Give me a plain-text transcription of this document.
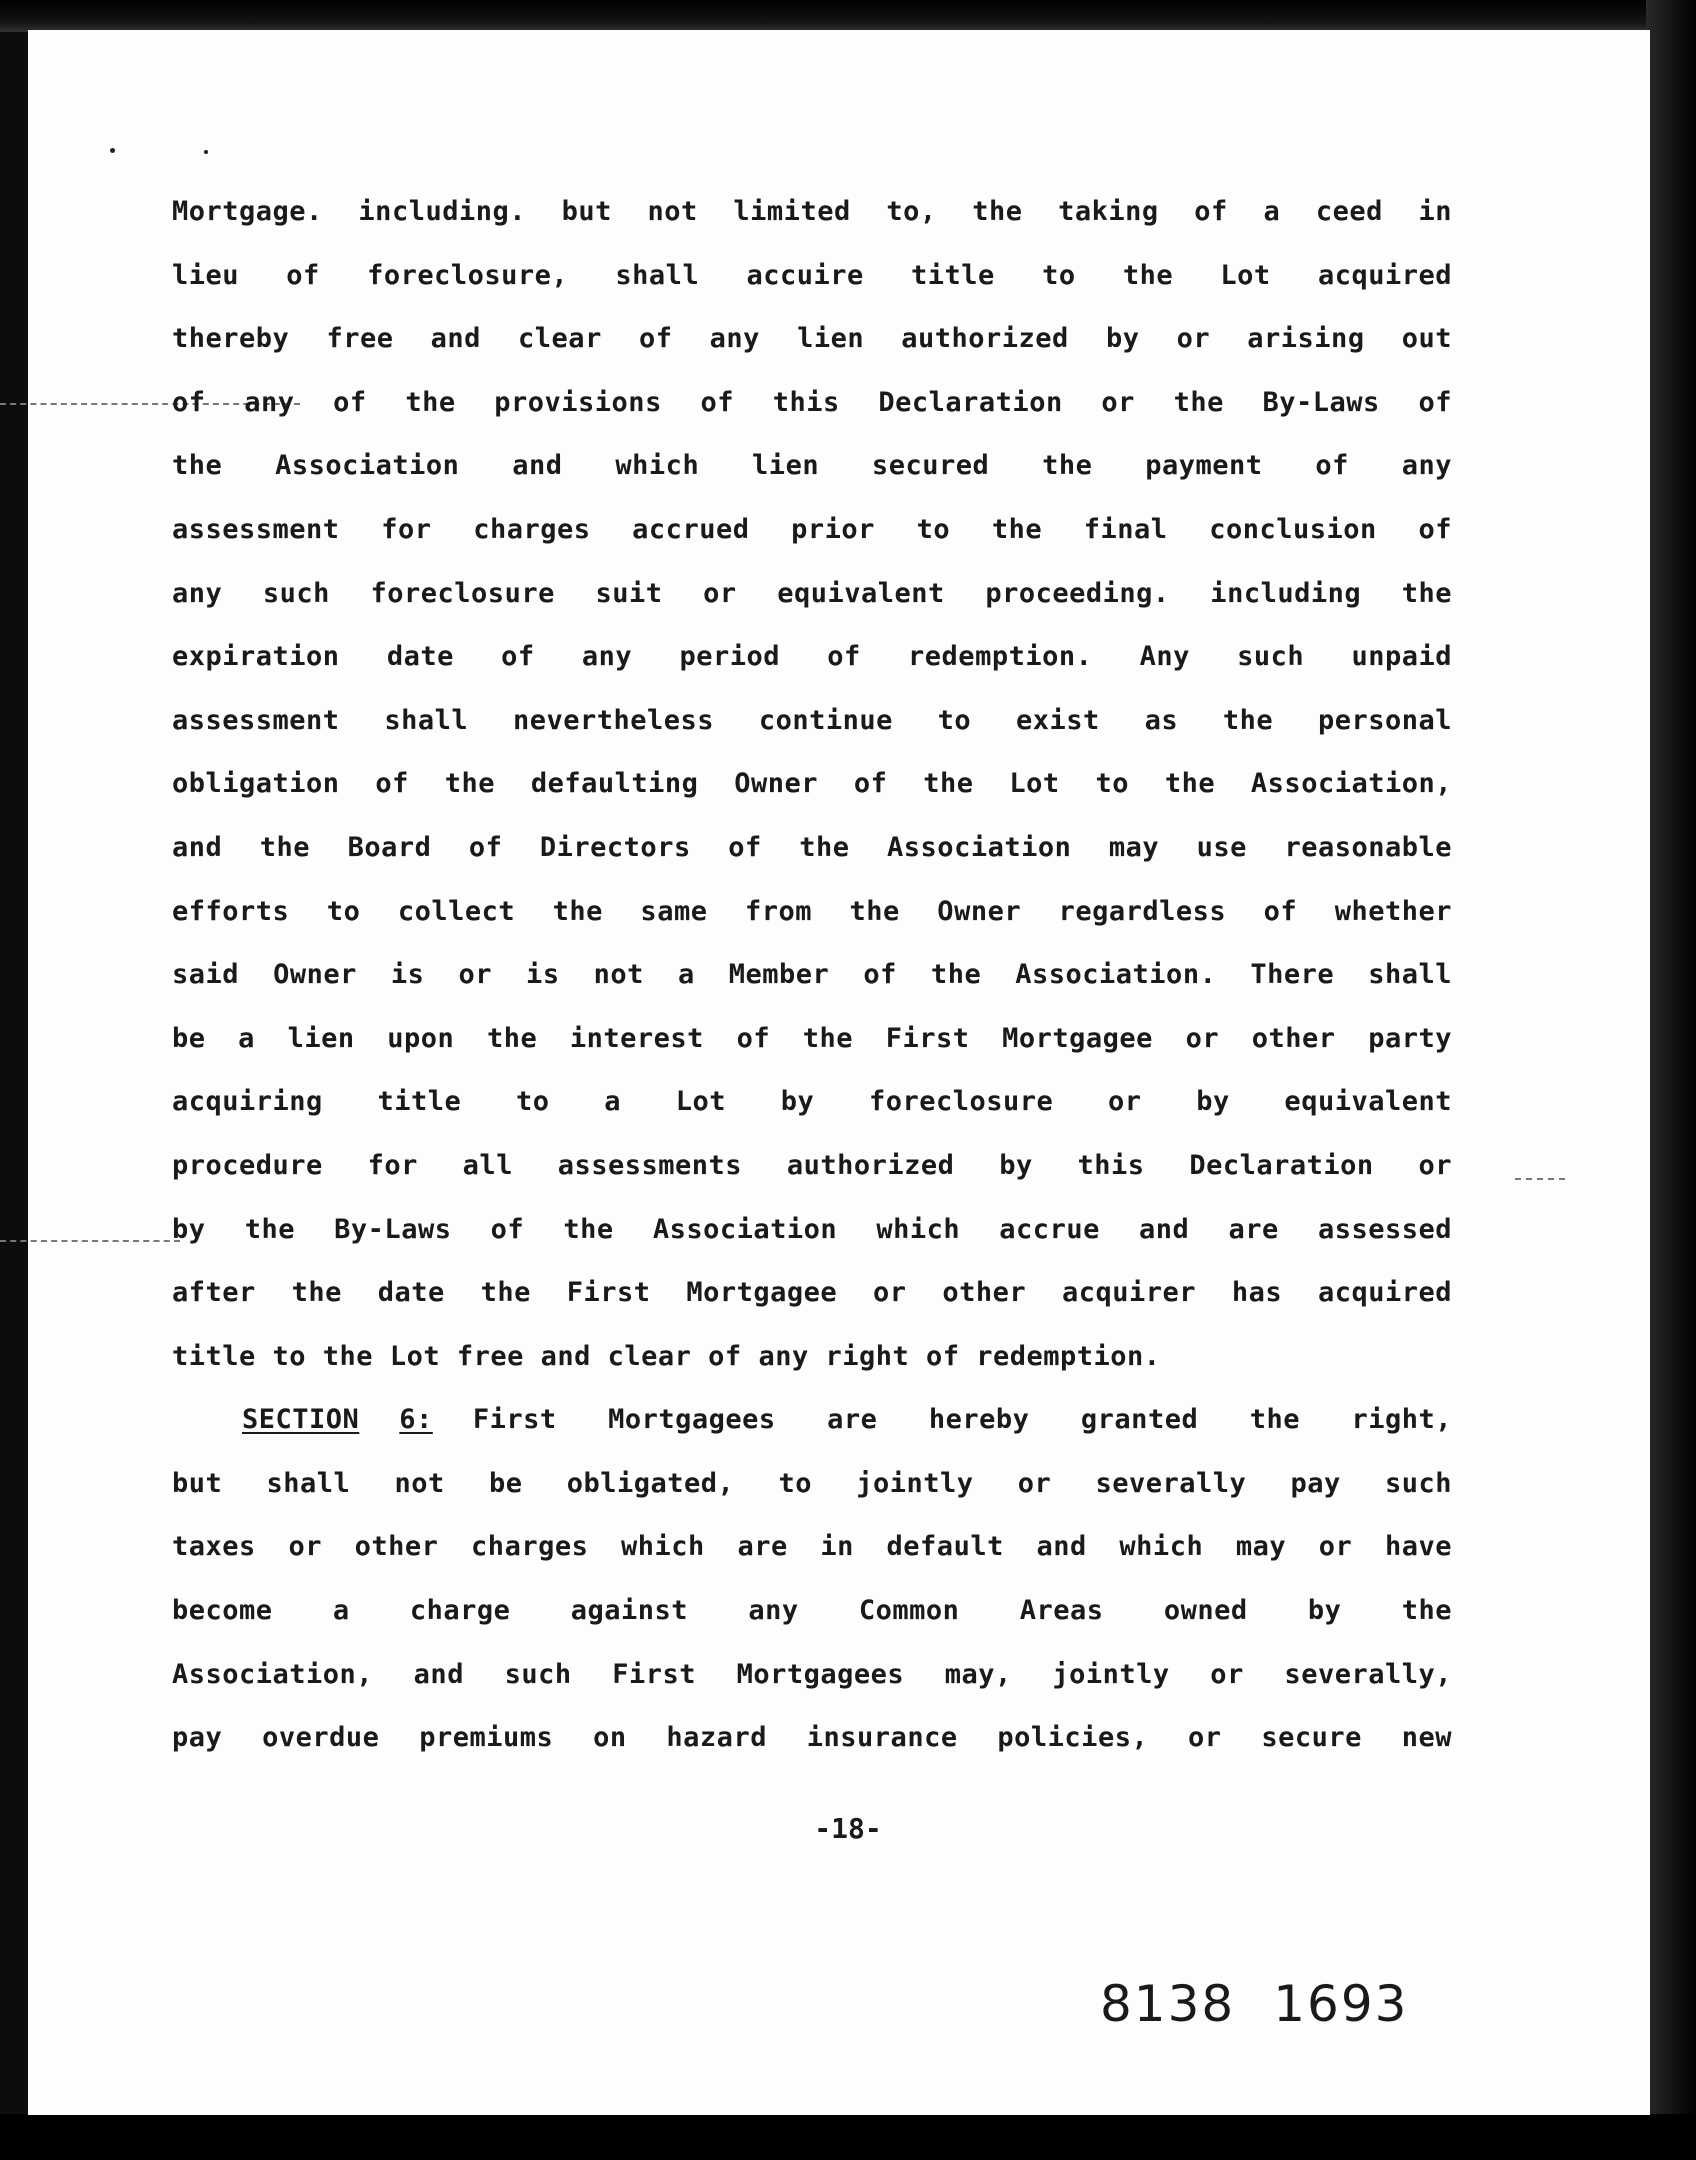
Mortgage. including. but not limited to, the taking of a ceed in
lieu of foreclosure, shall accuire title to the Lot acquired
thereby free and clear of any lien authorized by or arising out
of any of the provisions of this Declaration or the By-Laws of
the Association and which lien secured the payment of any
assessment for charges accrued prior to the final conclusion of
any such foreclosure suit or equivalent proceeding. including the
expiration date of any period of redemption. Any such unpaid
assessment shall nevertheless continue to exist as the personal
obligation of the defaulting Owner of the Lot to the Association,
and the Board of Directors of the Association may use reasonable
efforts to collect the same from the Owner regardless of whether
said Owner is or is not a Member of the Association. There shall
be a lien upon the interest of the First Mortgagee or other party
acquiring title to a Lot by foreclosure or by equivalent
procedure for all assessments authorized by this Declaration or
by the By-Laws of the Association which accrue and are assessed
after the date the First Mortgagee or other acquirer has acquired
title to the Lot free and clear of any right of redemption.
SECTION 6: First Mortgagees are hereby granted the right,
but shall not be obligated, to jointly or severally pay such
taxes or other charges which are in default and which may or have
become a charge against any Common Areas owned by the
Association, and such First Mortgagees may, jointly or severally,
pay overdue premiums on hazard insurance policies, or secure new
-18-
8138 1693
